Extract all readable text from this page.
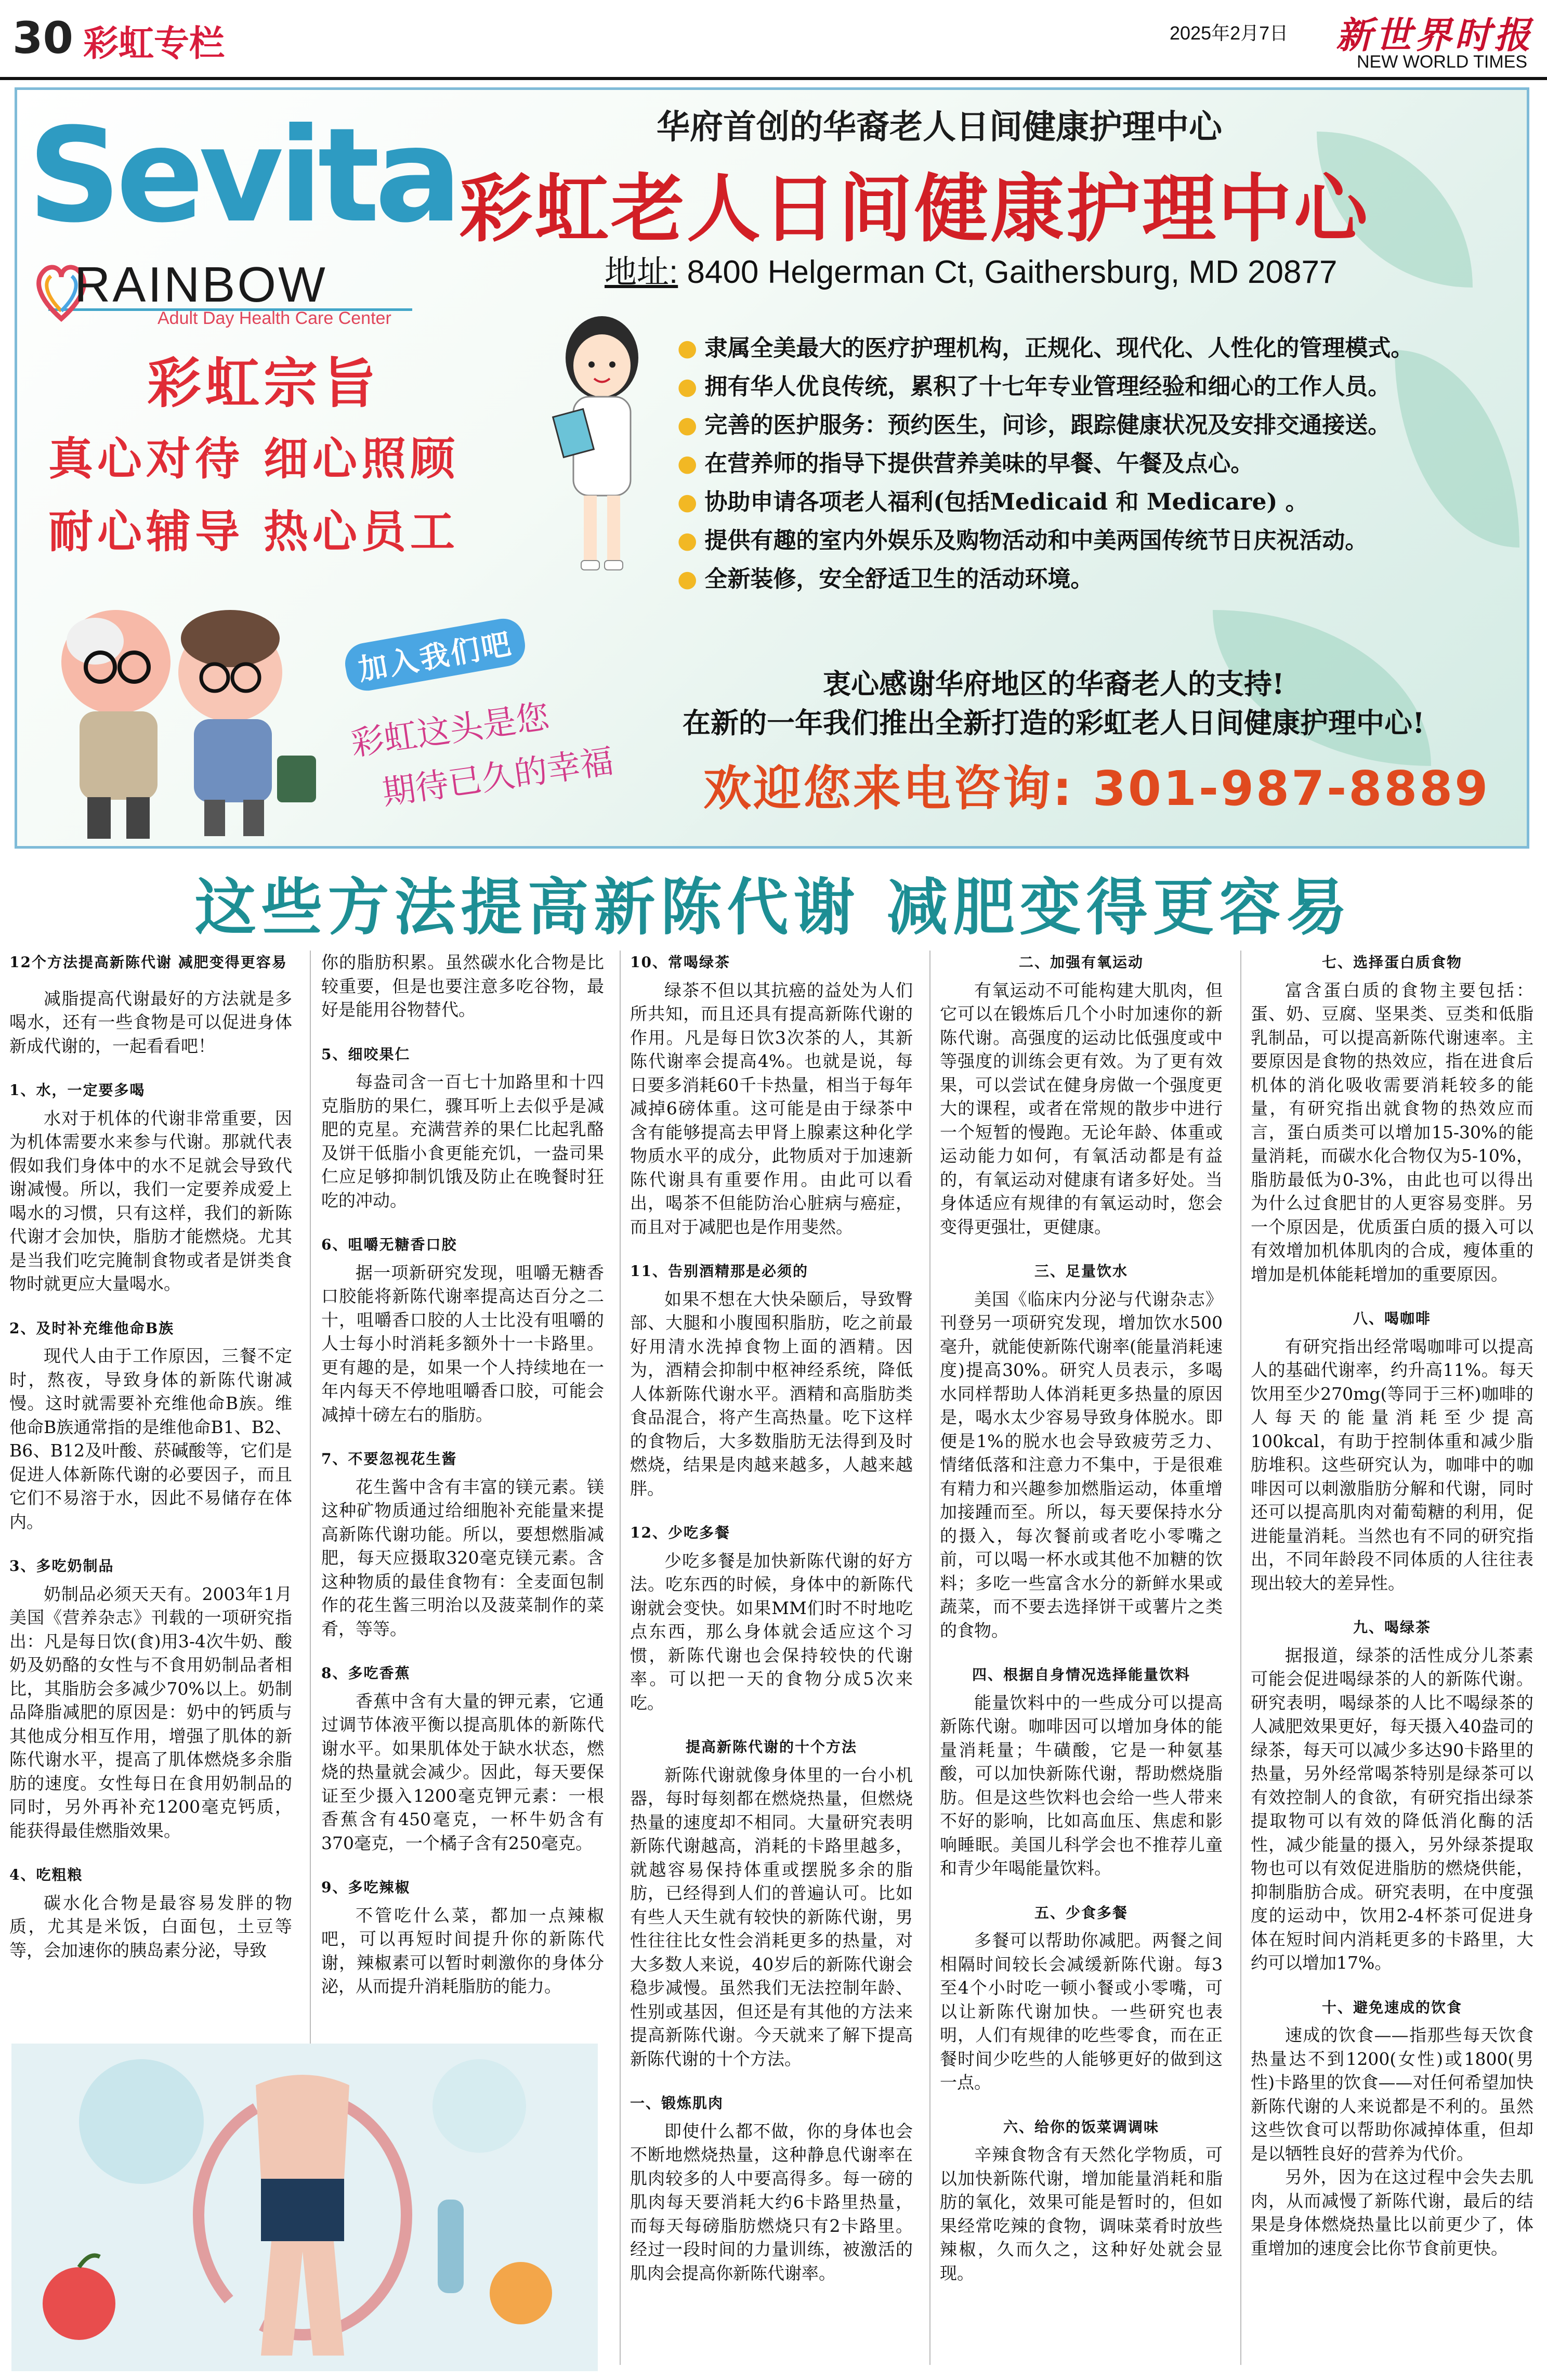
30 彩虹专栏	2025年2月7日 新世界时报
NEW WORLD TIMES
Sevita
RAINBOW
Adult Day Health Care Center
华府首创的华裔老人日间健康护理中心
彩虹老人日间健康护理中心
地址: 8400 Helgerman Ct, Gaithersburg, MD 20877
● 隶属全美最大的医疗护理机构，正规化、现代化、人性化的管理模式。
● 拥有华人优良传统，累积了十七年专业管理经验和细心的工作人员。
● 完善的医护服务：预约医生，问诊，跟踪健康状况及安排交通接送。
● 在营养师的指导下提供营养美味的早餐、午餐及点心。
● 协助申请各项老人福利(包括Medicaid 和 Medicare) 。
● 提供有趣的室内外娱乐及购物活动和中美两国传统节日庆祝活动。
● 全新装修，安全舒适卫生的活动环境。
彩虹宗旨
真心对待 细心照顾
耐心辅导 热心员工
加入我们吧
彩虹这头是您
期待已久的幸福
衷心感谢华府地区的华裔老人的支持!
在新的一年我们推出全新打造的彩虹老人日间健康护理中心!
欢迎您来电咨询: 301-987-8889
这些方法提高新陈代谢 减肥变得更容易

12个方法提高新陈代谢 减肥变得更容易

减脂提高代谢最好的方法就是多喝水，还有一些食物是可以促进身体新成代谢的，一起看看吧！

1、水，一定要多喝

水对于机体的代谢非常重要，因为机体需要水来参与代谢。那就代表假如我们身体中的水不足就会导致代谢减慢。所以，我们一定要养成爱上喝水的习惯，只有这样，我们的新陈代谢才会加快，脂肪才能燃烧。尤其是当我们吃完腌制食物或者是饼类食物时就更应大量喝水。

2、及时补充维他命B族

现代人由于工作原因，三餐不定时，熬夜，导致身体的新陈代谢减慢。这时就需要补充维他命B族。维他命B族通常指的是维他命B1、B2、B6、B12及叶酸、菸碱酸等，它们是促进人体新陈代谢的必要因子，而且它们不易溶于水，因此不易储存在体内。

3、多吃奶制品

奶制品必须天天有。2003年1月美国《营养杂志》刊载的一项研究指出：凡是每日饮(食)用3-4次牛奶、酸奶及奶酪的女性与不食用奶制品者相比，其脂肪会多减少70%以上。奶制品降脂减肥的原因是：奶中的钙质与其他成分相互作用，增强了肌体的新陈代谢水平，提高了肌体燃烧多余脂肪的速度。女性每日在食用奶制品的同时，另外再补充1200毫克钙质，能获得最佳燃脂效果。

4、吃粗粮

碳水化合物是最容易发胖的物质，尤其是米饭，白面包，土豆等等，会加速你的胰岛素分泌，导致

你的脂肪积累。虽然碳水化合物是比较重要，但是也要注意多吃谷物，最好是能用谷物替代。

5、细咬果仁

每盎司含一百七十加路里和十四克脂肪的果仁，骤耳听上去似乎是减肥的克星。充满营养的果仁比起乳酪及饼干低脂小食更能充饥，一盎司果仁应足够抑制饥饿及防止在晚餐时狂吃的冲动。

6、咀嚼无糖香口胶

据一项新研究发现，咀嚼无糖香口胶能将新陈代谢率提高达百分之二十，咀嚼香口胶的人士比没有咀嚼的人士每小时消耗多额外十一卡路里。更有趣的是，如果一个人持续地在一年内每天不停地咀嚼香口胶，可能会减掉十磅左右的脂肪。

7、不要忽视花生酱

花生酱中含有丰富的镁元素。镁这种矿物质通过给细胞补充能量来提高新陈代谢功能。所以，要想燃脂减肥，每天应摄取320毫克镁元素。含这种物质的最佳食物有：全麦面包制作的花生酱三明治以及菠菜制作的菜肴，等等。

8、多吃香蕉

香蕉中含有大量的钾元素，它通过调节体液平衡以提高肌体的新陈代谢水平。如果肌体处于缺水状态，燃烧的热量就会减少。因此，每天要保证至少摄入1200毫克钾元素：一根香蕉含有450毫克，一杯牛奶含有370毫克，一个橘子含有250毫克。

9、多吃辣椒

不管吃什么菜，都加一点辣椒吧，可以再短时间提升你的新陈代谢，辣椒素可以暂时刺激你的身体分泌，从而提升消耗脂肪的能力。

10、常喝绿茶

绿茶不但以其抗癌的益处为人们所共知，而且还具有提高新陈代谢的作用。凡是每日饮3次茶的人，其新陈代谢率会提高4%。也就是说，每日要多消耗60千卡热量，相当于每年减掉6磅体重。这可能是由于绿茶中含有能够提高去甲肾上腺素这种化学物质水平的成分，此物质对于加速新陈代谢具有重要作用。由此可以看出，喝茶不但能防治心脏病与癌症，而且对于减肥也是作用斐然。

11、告别酒精那是必须的

如果不想在大快朵颐后，导致臀部、大腿和小腹囤积脂肪，吃之前最好用清水洗掉食物上面的酒精。因为，酒精会抑制中枢神经系统，降低人体新陈代谢水平。酒精和高脂肪类食品混合，将产生高热量。吃下这样的食物后，大多数脂肪无法得到及时燃烧，结果是肉越来越多，人越来越胖。

12、少吃多餐

少吃多餐是加快新陈代谢的好方法。吃东西的时候，身体中的新陈代谢就会变快。如果MM们时不时地吃点东西，那么身体就会适应这个习惯，新陈代谢也会保持较快的代谢率。可以把一天的食物分成5次来吃。

提高新陈代谢的十个方法

新陈代谢就像身体里的一台小机器，每时每刻都在燃烧热量，但燃烧热量的速度却不相同。大量研究表明新陈代谢越高，消耗的卡路里越多，就越容易保持体重或摆脱多余的脂肪，已经得到人们的普遍认可。比如有些人天生就有较快的新陈代谢，男性往往比女性会消耗更多的热量，对大多数人来说，40岁后的新陈代谢会稳步减慢。虽然我们无法控制年龄、性别或基因，但还是有其他的方法来提高新陈代谢。今天就来了解下提高新陈代谢的十个方法。

一、锻炼肌肉

即使什么都不做，你的身体也会不断地燃烧热量，这种静息代谢率在肌肉较多的人中要高得多。每一磅的肌肉每天要消耗大约6卡路里热量，而每天每磅脂肪燃烧只有2卡路里。经过一段时间的力量训练，被激活的肌肉会提高你新陈代谢率。

二、加强有氧运动

有氧运动不可能构建大肌肉，但它可以在锻炼后几个小时加速你的新陈代谢。高强度的运动比低强度或中等强度的训练会更有效。为了更有效果，可以尝试在健身房做一个强度更大的课程，或者在常规的散步中进行一个短暂的慢跑。无论年龄、体重或运动能力如何，有氧活动都是有益的，有氧运动对健康有诸多好处。当身体适应有规律的有氧运动时，您会变得更强壮，更健康。

三、足量饮水

美国《临床内分泌与代谢杂志》刊登另一项研究发现，增加饮水500毫升，就能使新陈代谢率(能量消耗速度)提高30%。研究人员表示，多喝水同样帮助人体消耗更多热量的原因是，喝水太少容易导致身体脱水。即便是1%的脱水也会导致疲劳乏力、情绪低落和注意力不集中，于是很难有精力和兴趣参加燃脂运动，体重增加接踵而至。所以，每天要保持水分的摄入，每次餐前或者吃小零嘴之前，可以喝一杯水或其他不加糖的饮料；多吃一些富含水分的新鲜水果或蔬菜，而不要去选择饼干或薯片之类的食物。

四、根据自身情况选择能量饮料

能量饮料中的一些成分可以提高新陈代谢。咖啡因可以增加身体的能量消耗量；牛磺酸，它是一种氨基酸，可以加快新陈代谢，帮助燃烧脂肪。但是这些饮料也会给一些人带来不好的影响，比如高血压、焦虑和影响睡眠。美国儿科学会也不推荐儿童和青少年喝能量饮料。

五、少食多餐

多餐可以帮助你减肥。两餐之间相隔时间较长会减缓新陈代谢。每3至4个小时吃一顿小餐或小零嘴，可以让新陈代谢加快。一些研究也表明，人们有规律的吃些零食，而在正餐时间少吃些的人能够更好的做到这一点。

六、给你的饭菜调调味

辛辣食物含有天然化学物质，可以加快新陈代谢，增加能量消耗和脂肪的氧化，效果可能是暂时的，但如果经常吃辣的食物，调味菜肴时放些辣椒，久而久之，这种好处就会显现。

七、选择蛋白质食物

富含蛋白质的食物主要包括：蛋、奶、豆腐、坚果类、豆类和低脂乳制品，可以提高新陈代谢速率。主要原因是食物的热效应，指在进食后机体的消化吸收需要消耗较多的能量，有研究指出就食物的热效应而言，蛋白质类可以增加15-30%的能量消耗，而碳水化合物仅为5-10%，脂肪最低为0-3%，由此也可以得出为什么过食肥甘的人更容易变胖。另一个原因是，优质蛋白质的摄入可以有效增加机体肌肉的合成，瘦体重的增加是机体能耗增加的重要原因。

八、喝咖啡

有研究指出经常喝咖啡可以提高人的基础代谢率，约升高11%。每天饮用至少270mg(等同于三杯)咖啡的人每天的能量消耗至少提高100kcal，有助于控制体重和减少脂肪堆积。这些研究认为，咖啡中的咖啡因可以刺激脂肪分解和代谢，同时还可以提高肌肉对葡萄糖的利用，促进能量消耗。当然也有不同的研究指出，不同年龄段不同体质的人往往表现出较大的差异性。

九、喝绿茶

据报道，绿茶的活性成分儿茶素可能会促进喝绿茶的人的新陈代谢。研究表明，喝绿茶的人比不喝绿茶的人减肥效果更好，每天摄入40盎司的绿茶，每天可以减少多达90卡路里的热量，另外经常喝茶特别是绿茶可以有效控制人的食欲，有研究指出绿茶提取物可以有效的降低消化酶的活性，减少能量的摄入，另外绿茶提取物也可以有效促进脂肪的燃烧供能，抑制脂肪合成。研究表明，在中度强度的运动中，饮用2-4杯茶可促进身体在短时间内消耗更多的卡路里，大约可以增加17%。

十、避免速成的饮食

速成的饮食——指那些每天饮食热量达不到1200(女性)或1800(男性)卡路里的饮食——对任何希望加快新陈代谢的人来说都是不利的。虽然这些饮食可以帮助你减掉体重，但却是以牺牲良好的营养为代价。

另外，因为在这过程中会失去肌肉，从而减慢了新陈代谢，最后的结果是身体燃烧热量比以前更少了，体重增加的速度会比你节食前更快。
